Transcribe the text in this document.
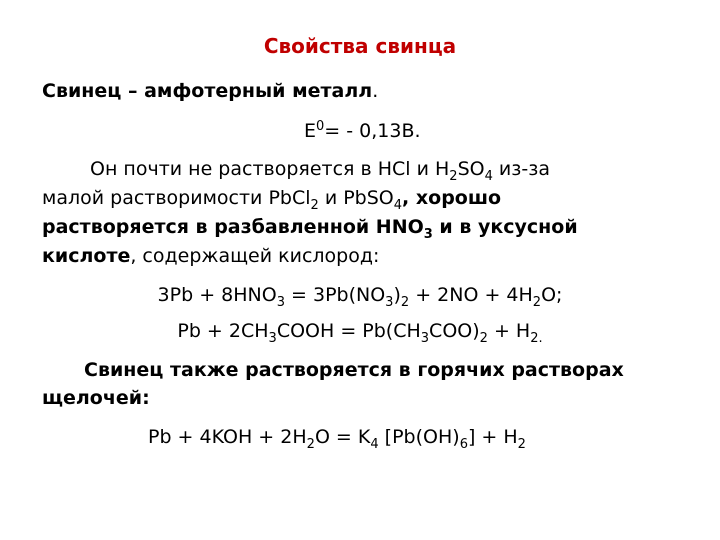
Свойства свинца
Свинец – амфотерный металл.
$E^0= - 0,13В$.
Он почти не растворяется в HCl и $H_2SO_4$ из-за
малой растворимости PbCl$_2$ и PbSO$_4$, хорошо
растворяется в разбавленной $HNO_3$ и в уксусной
кислоте, содержащей кислород:
$3Pb + 8HNO_3 = 3Pb(NO_3)_2 + 2NO + 4H_2O$;
$Pb + 2CH_3COOH = Pb(CH_3COO)_2 + H_{2.}$
Свинец также растворяется в горячих растворах
щелочей:
$Pb + 4KOH + 2H_2O = K_4$ $[Pb(OH)_6] + H_2$
